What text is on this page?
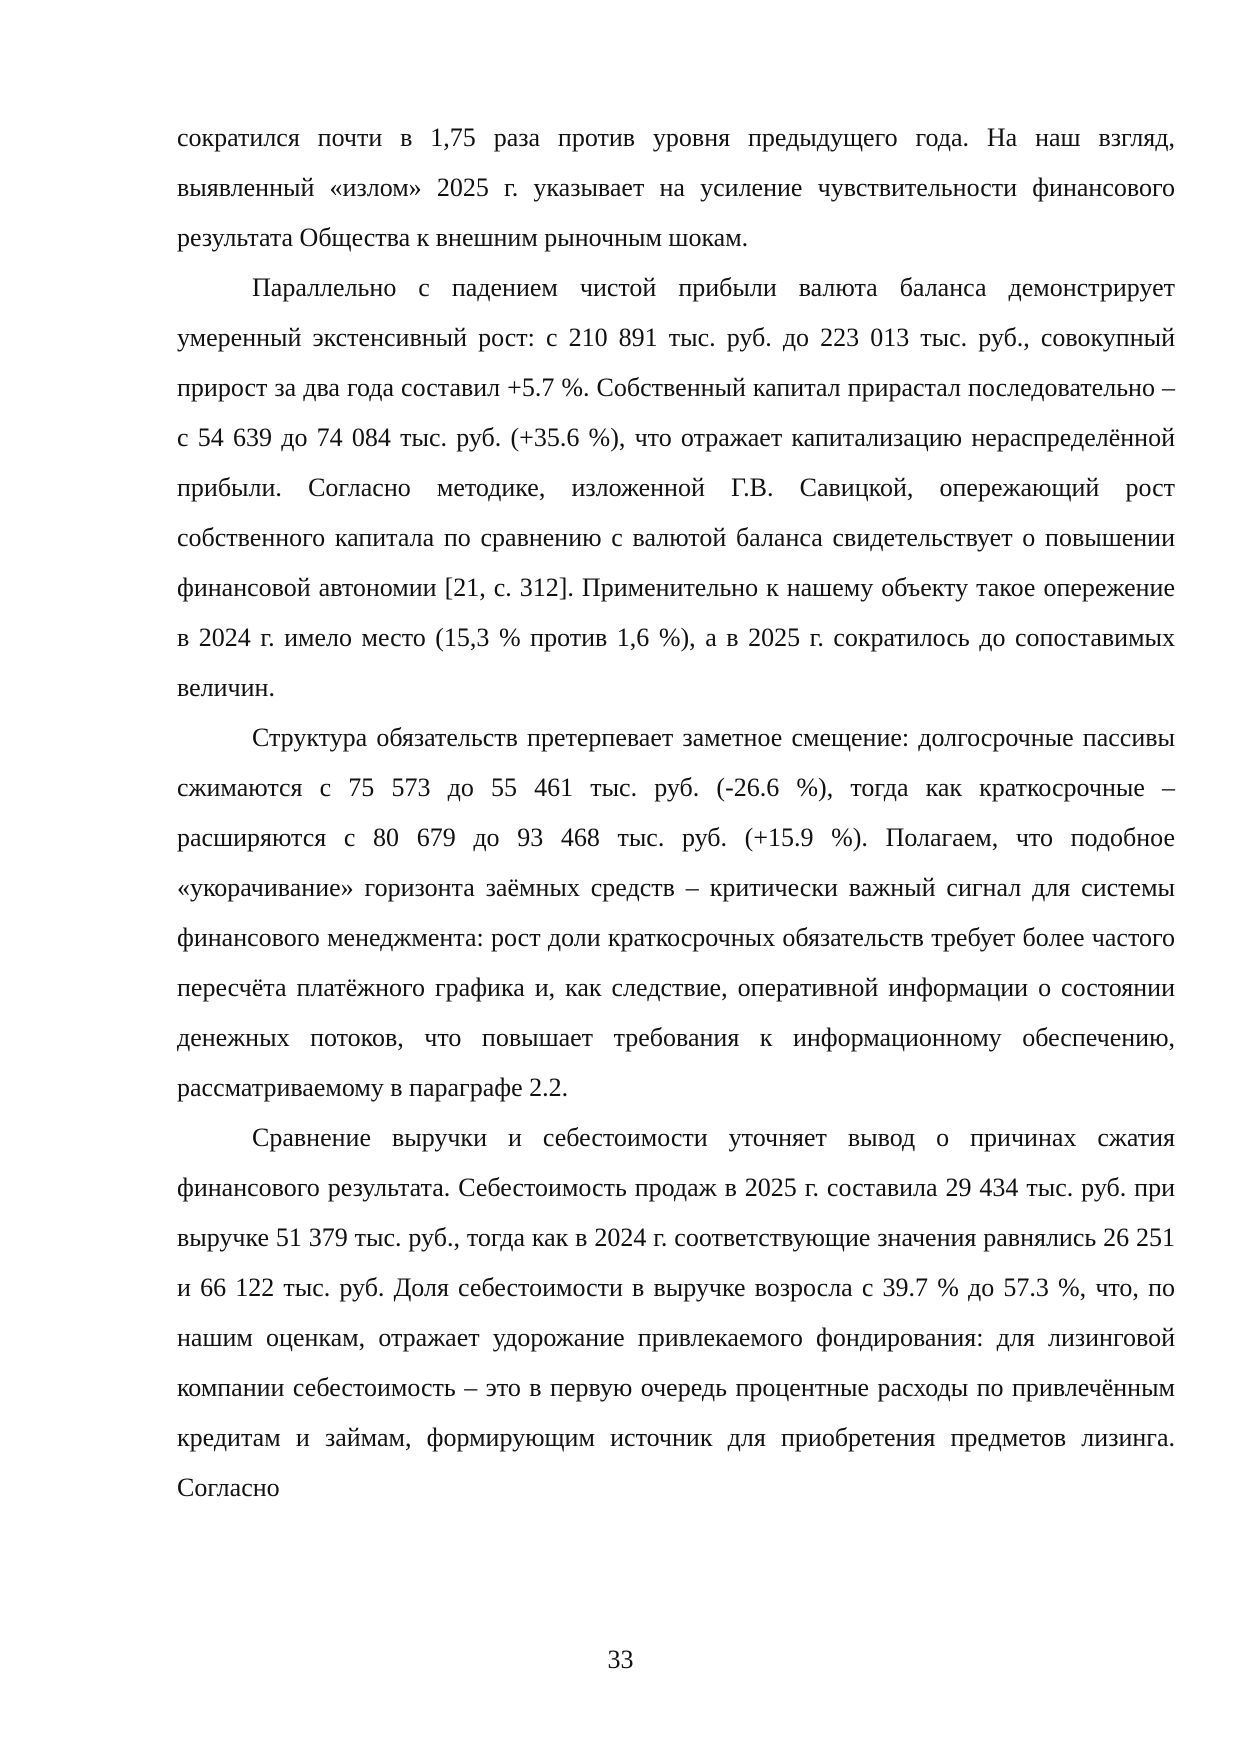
сократился почти в 1,75 раза против уровня предыдущего года. На наш взгляд, выявленный «излом» 2025 г. указывает на усиление чувствительности финансового результата Общества к внешним рыночным шокам.

Параллельно с падением чистой прибыли валюта баланса демонстрирует умеренный экстенсивный рост: с 210 891 тыс. руб. до 223 013 тыс. руб., совокупный прирост за два года составил +5.7 %. Собственный капитал прирастал последовательно – с 54 639 до 74 084 тыс. руб. (+35.6 %), что отражает капитализацию нераспределённой прибыли. Согласно методике, изложенной Г.В. Савицкой, опережающий рост собственного капитала по сравнению с валютой баланса свидетельствует о повышении финансовой автономии [21, с. 312]. Применительно к нашему объекту такое опережение в 2024 г. имело место (15,3 % против 1,6 %), а в 2025 г. сократилось до сопоставимых величин.

Структура обязательств претерпевает заметное смещение: долгосрочные пассивы сжимаются с 75 573 до 55 461 тыс. руб. (-26.6 %), тогда как краткосрочные – расширяются с 80 679 до 93 468 тыс. руб. (+15.9 %). Полагаем, что подобное «укорачивание» горизонта заёмных средств – критически важный сигнал для системы финансового менеджмента: рост доли краткосрочных обязательств требует более частого пересчёта платёжного графика и, как следствие, оперативной информации о состоянии денежных потоков, что повышает требования к информационному обеспечению, рассматриваемому в параграфе 2.2.

Сравнение выручки и себестоимости уточняет вывод о причинах сжатия финансового результата. Себестоимость продаж в 2025 г. составила 29 434 тыс. руб. при выручке 51 379 тыс. руб., тогда как в 2024 г. соответствующие значения равнялись 26 251 и 66 122 тыс. руб. Доля себестоимости в выручке возросла с 39.7 % до 57.3 %, что, по нашим оценкам, отражает удорожание привлекаемого фондирования: для лизинговой компании себестоимость – это в первую очередь процентные расходы по привлечённым кредитам и займам, формирующим источник для приобретения предметов лизинга. Согласно

33
